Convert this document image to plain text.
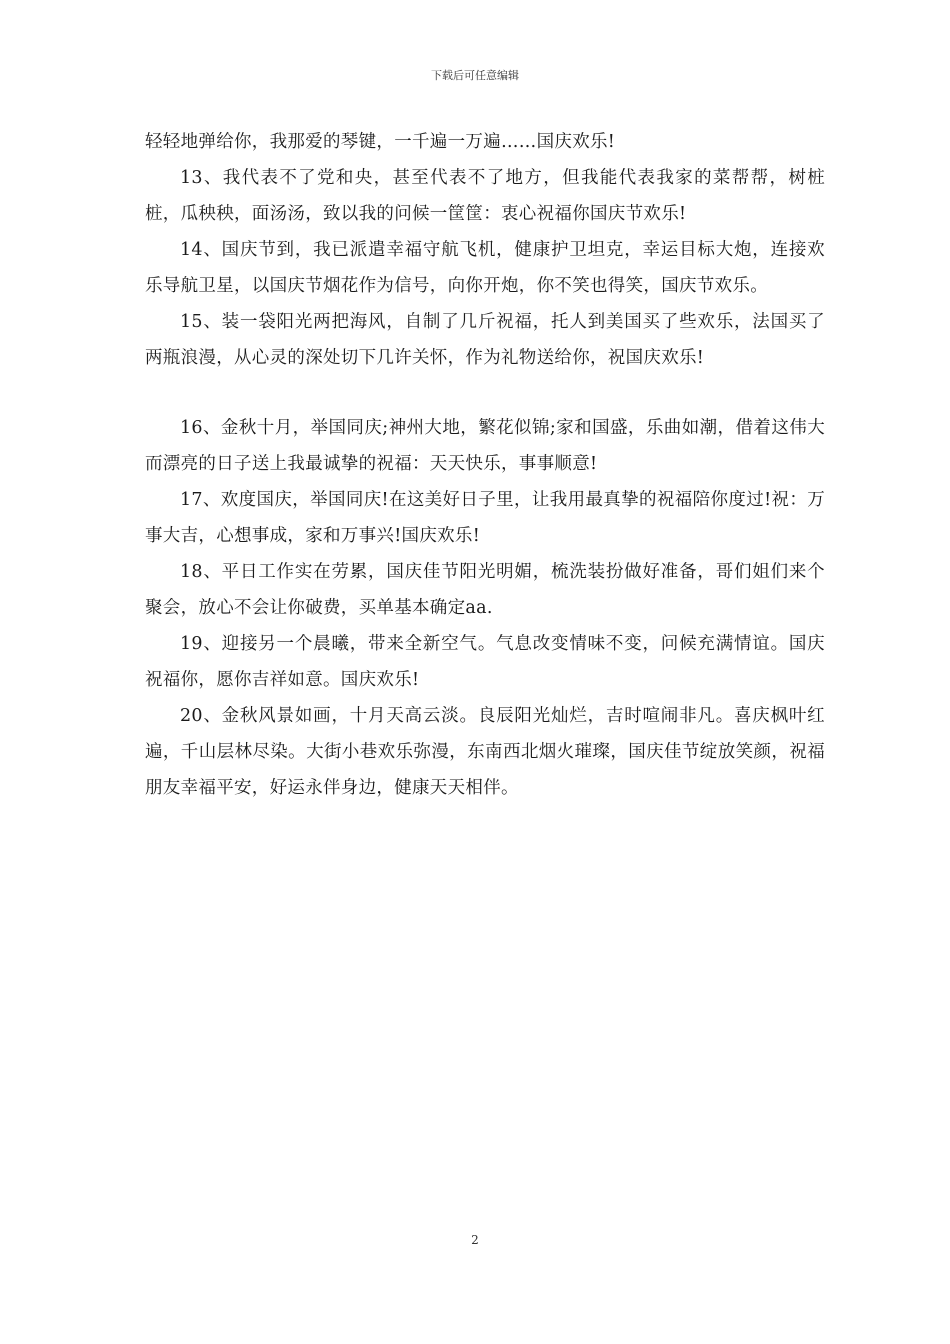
下载后可任意编辑

轻轻地弹给你，我那爱的琴键，一千遍一万遍……国庆欢乐!

13、我代表不了党和央，甚至代表不了地方，但我能代表我家的菜帮帮，树桩桩，瓜秧秧，面汤汤，致以我的问候一筐筐：衷心祝福你国庆节欢乐!

14、国庆节到，我已派遣幸福守航飞机，健康护卫坦克，幸运目标大炮，连接欢乐导航卫星，以国庆节烟花作为信号，向你开炮，你不笑也得笑，国庆节欢乐。

15、装一袋阳光两把海风，自制了几斤祝福，托人到美国买了些欢乐，法国买了两瓶浪漫，从心灵的深处切下几许关怀，作为礼物送给你，祝国庆欢乐!

16、金秋十月，举国同庆;神州大地，繁花似锦;家和国盛，乐曲如潮，借着这伟大而漂亮的日子送上我最诚挚的祝福：天天快乐，事事顺意!

17、欢度国庆，举国同庆!在这美好日子里，让我用最真挚的祝福陪你度过!祝：万事大吉，心想事成，家和万事兴!国庆欢乐!

18、平日工作实在劳累，国庆佳节阳光明媚，梳洗装扮做好准备，哥们姐们来个聚会，放心不会让你破费，买单基本确定aa.

19、迎接另一个晨曦，带来全新空气。气息改变情味不变，问候充满情谊。国庆祝福你，愿你吉祥如意。国庆欢乐!

20、金秋风景如画，十月天高云淡。良辰阳光灿烂，吉时喧闹非凡。喜庆枫叶红遍，千山层林尽染。大街小巷欢乐弥漫，东南西北烟火璀璨，国庆佳节绽放笑颜，祝福朋友幸福平安，好运永伴身边，健康天天相伴。

2
